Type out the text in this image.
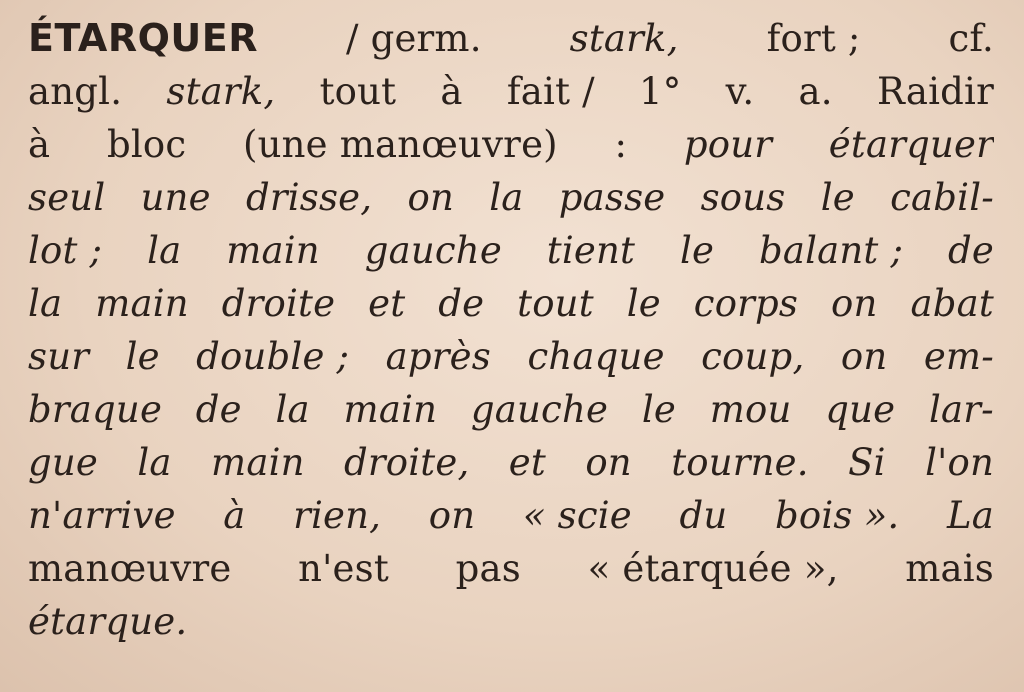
ÉTARQUER / germ. stark, fort ; cf.
angl. stark, tout à fait / 1° v. a. Raidir
à bloc (une manœuvre) : pour étarquer
seul une drisse, on la passe sous le cabil-
lot ; la main gauche tient le balant ; de
la main droite et de tout le corps on abat
sur le double ; après chaque coup, on em-
braque de la main gauche le mou que lar-
gue la main droite, et on tourne. Si l'on
n'arrive à rien, on « scie du bois ». La
manœuvre n'est pas « étarquée », mais
étarque.
